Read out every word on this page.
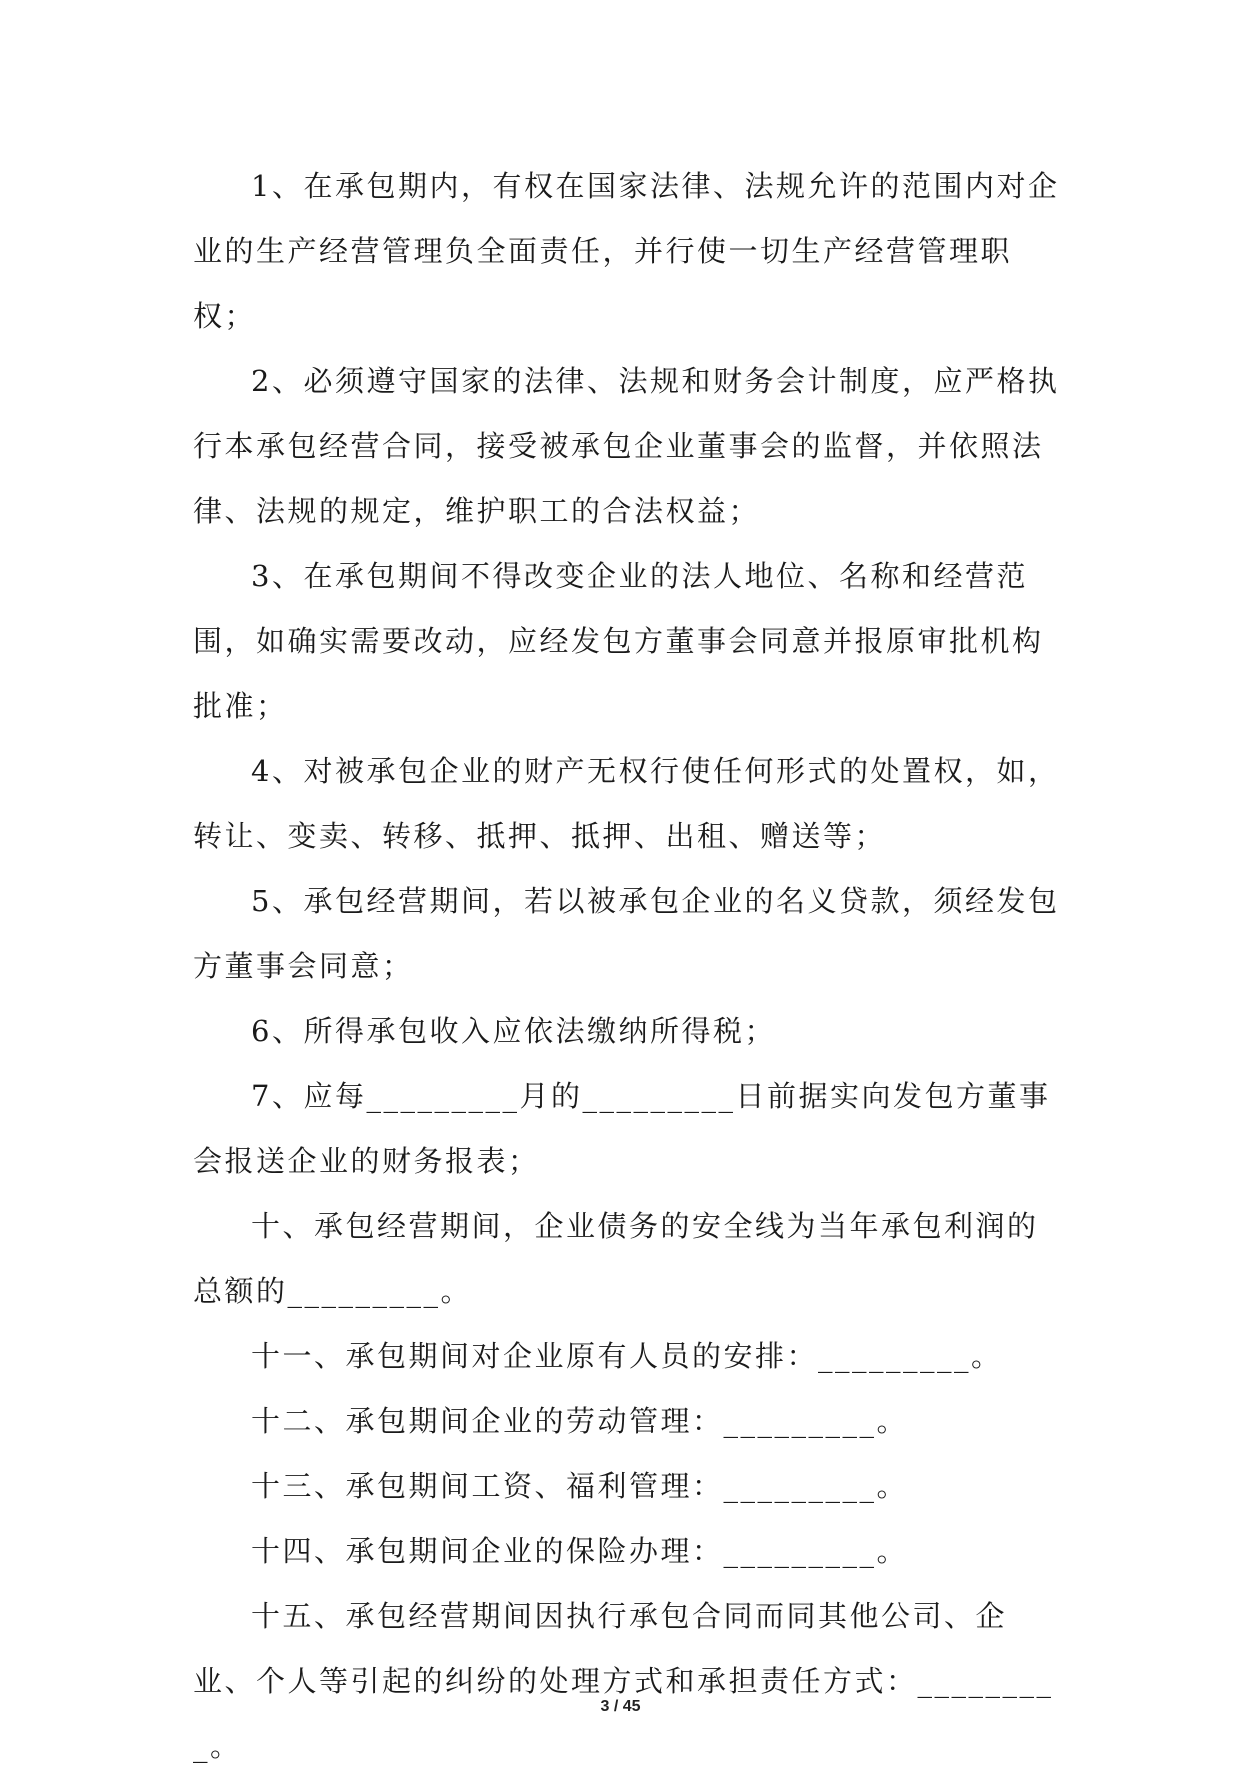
1、在承包期内，有权在国家法律、法规允许的范围内对企业的生产经营管理负全面责任，并行使一切生产经营管理职权；

2、必须遵守国家的法律、法规和财务会计制度，应严格执行本承包经营合同，接受被承包企业董事会的监督，并依照法律、法规的规定，维护职工的合法权益；

3、在承包期间不得改变企业的法人地位、名称和经营范围，如确实需要改动，应经发包方董事会同意并报原审批机构批准；

4、对被承包企业的财产无权行使任何形式的处置权，如，转让、变卖、转移、抵押、抵押、出租、赠送等；

5、承包经营期间，若以被承包企业的名义贷款，须经发包方董事会同意；

6、所得承包收入应依法缴纳所得税；

7、应每_________月的_________日前据实向发包方董事会报送企业的财务报表；

十、承包经营期间，企业债务的安全线为当年承包利润的总额的_________。

十一、承包期间对企业原有人员的安排：_________。

十二、承包期间企业的劳动管理：_________。

十三、承包期间工资、福利管理：_________。

十四、承包期间企业的保险办理：_________。

十五、承包经营期间因执行承包合同而同其他公司、企业、个人等引起的纠纷的处理方式和承担责任方式：_________。

3 / 45
